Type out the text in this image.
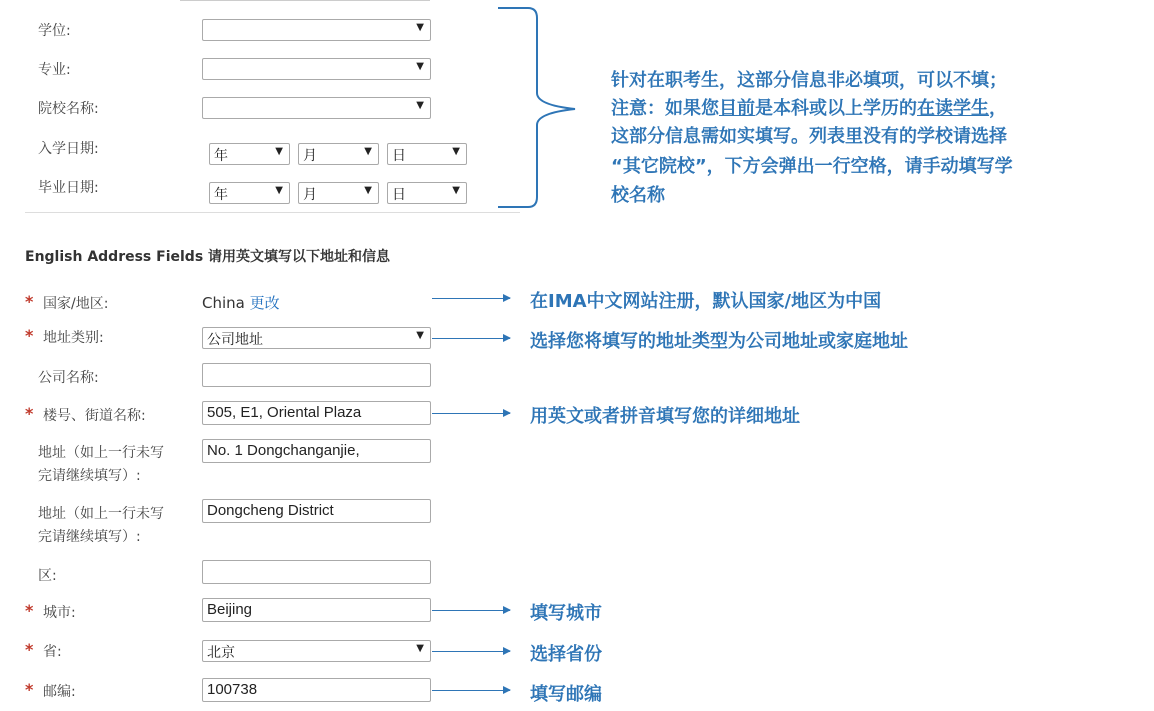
学位:	▼
专业:	▼
院校名称:	▼
入学日期:	年	▼ 月	▼ 日	▼
毕业日期:	年	▼ 月	▼ 日	▼
针对在职考生，这部分信息非必填项，可以不填；
注意：如果您目前是本科或以上学历的在读学生，
这部分信息需如实填写。列表里没有的学校请选择
“其它院校”，下方会弹出一行空格，请手动填写学
校名称
English Address Fields 请用英文填写以下地址和信息
* 国家/地区:	China 更改	在IMA中文网站注册，默认国家/地区为中国
* 地址类别:	公司地址	▼	选择您将填写的地址类型为公司地址或家庭地址
公司名称:
* 楼号、街道名称:	505, E1, Oriental Plaza	用英文或者拼音填写您的详细地址
地址（如上一行未写
完请继续填写）:
No. 1 Dongchanganjie,
地址（如上一行未写
完请继续填写）:
Dongcheng District
区:
* 城市:	Beijing	填写城市
* 省:	北京	▼	选择省份
* 邮编:	100738	填写邮编
